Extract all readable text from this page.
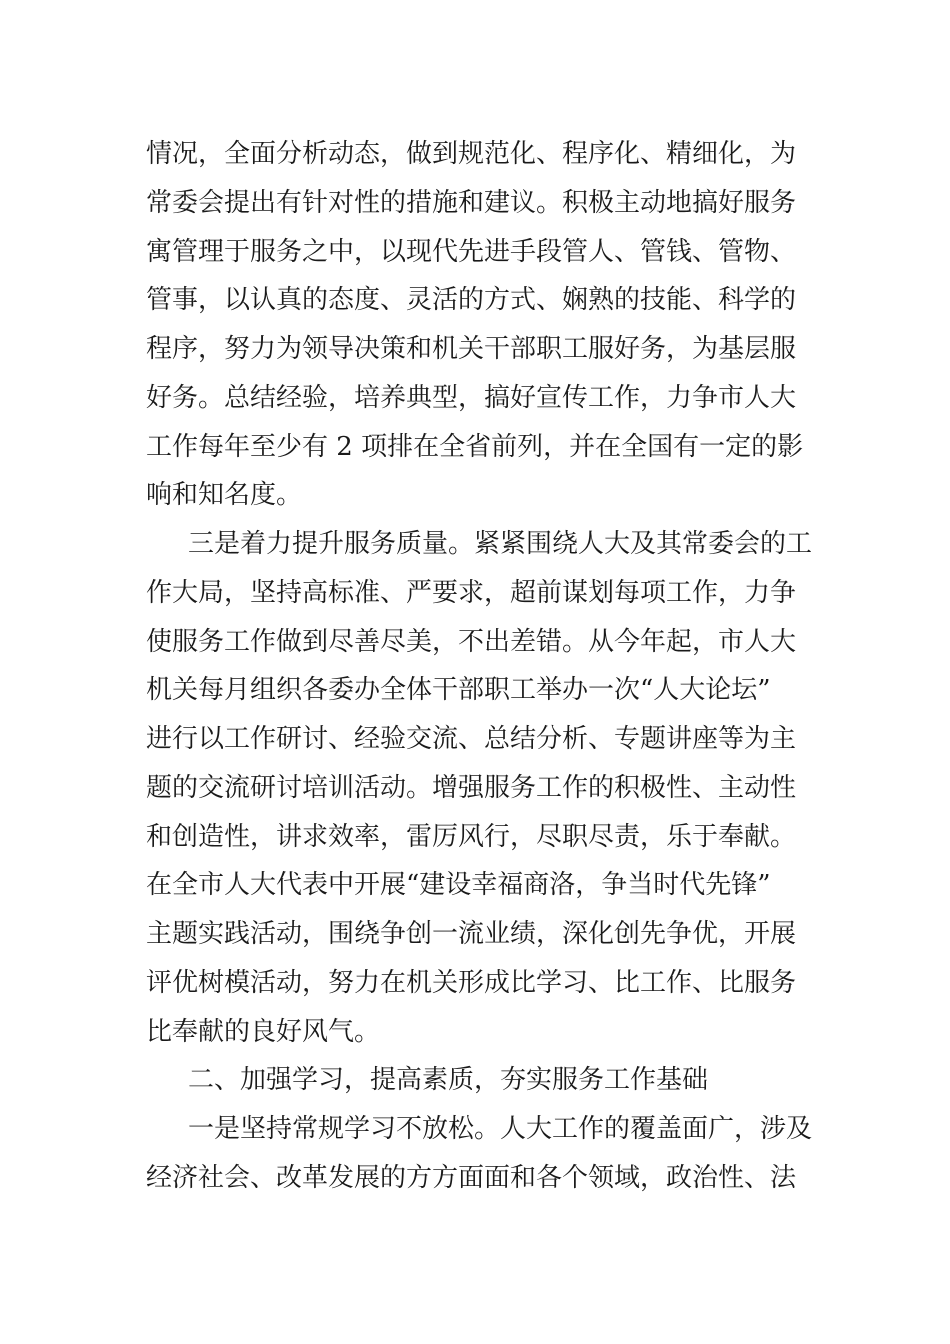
情况，全面分析动态，做到规范化、程序化、精细化，为
常委会提出有针对性的措施和建议。积极主动地搞好服务
寓管理于服务之中，以现代先进手段管人、管钱、管物、
管事，以认真的态度、灵活的方式、娴熟的技能、科学的
程序，努力为领导决策和机关干部职工服好务，为基层服
好务。总结经验，培养典型，搞好宣传工作，力争市人大
工作每年至少有 2 项排在全省前列，并在全国有一定的影
响和知名度。
三是着力提升服务质量。紧紧围绕人大及其常委会的工
作大局，坚持高标准、严要求，超前谋划每项工作，力争
使服务工作做到尽善尽美，不出差错。从今年起，市人大
机关每月组织各委办全体干部职工举办一次“人大论坛”
进行以工作研讨、经验交流、总结分析、专题讲座等为主
题的交流研讨培训活动。增强服务工作的积极性、主动性
和创造性，讲求效率，雷厉风行，尽职尽责，乐于奉献。
在全市人大代表中开展“建设幸福商洛，争当时代先锋”
主题实践活动，围绕争创一流业绩，深化创先争优，开展
评优树模活动，努力在机关形成比学习、比工作、比服务
比奉献的良好风气。
二、加强学习，提高素质，夯实服务工作基础
一是坚持常规学习不放松。人大工作的覆盖面广，涉及
经济社会、改革发展的方方面面和各个领域，政治性、法
